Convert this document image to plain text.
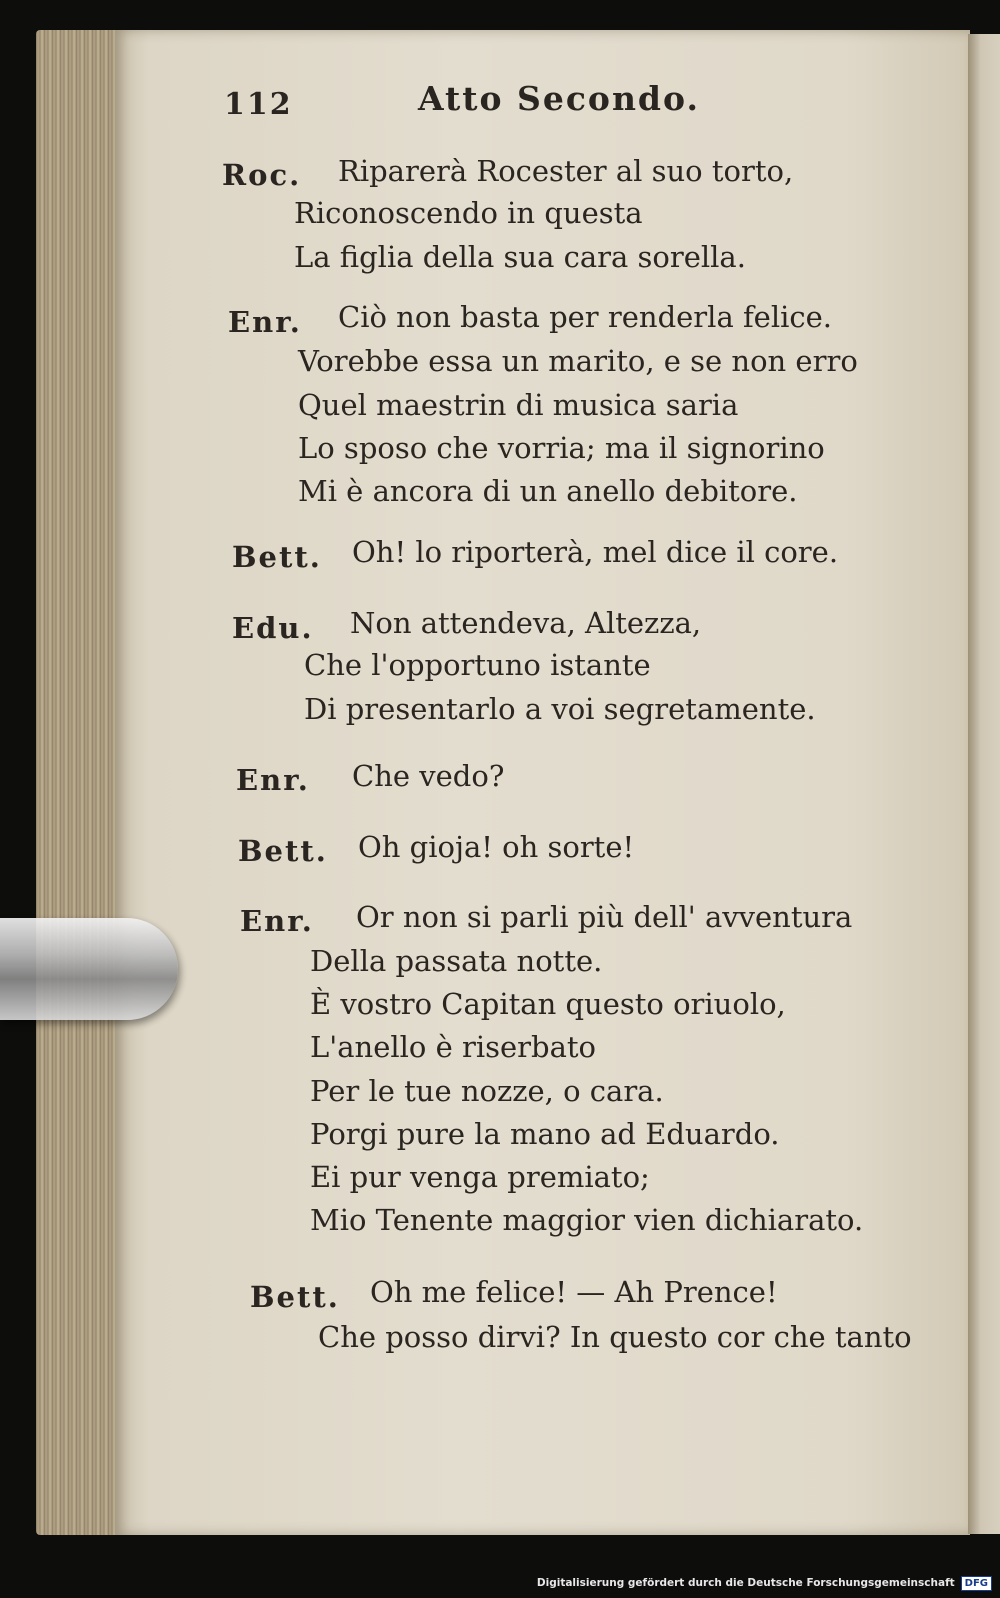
112	Atto Secondo.
Roc. Riparerà Rocester al suo torto,
Riconoscendo in questa
La figlia della sua cara sorella.
Enr. Ciò non basta per renderla felice.
Vorebbe essa un marito, e se non erro
Quel maestrin di musica saria
Lo sposo che vorria; ma il signorino
Mi è ancora di un anello debitore.
Bett. Oh! lo riporterà, mel dice il core.
Edu. Non attendeva, Altezza,
Che l'opportuno istante
Di presentarlo a voi segretamente.
Enr. Che vedo?
Bett. Oh gioja! oh sorte!
Enr. Or non si parli più dell' avventura
Della passata notte.
È vostro Capitan questo oriuolo,
L'anello è riserbato
Per le tue nozze, o cara.
Porgi pure la mano ad Eduardo.
Ei pur venga premiato;
Mio Tenente maggior vien dichiarato.
Bett. Oh me felice! — Ah Prence!
Che posso dirvi? In questo cor che tanto
Digitalisierung gefördert durch die Deutsche Forschungsgemeinschaft	DFG
